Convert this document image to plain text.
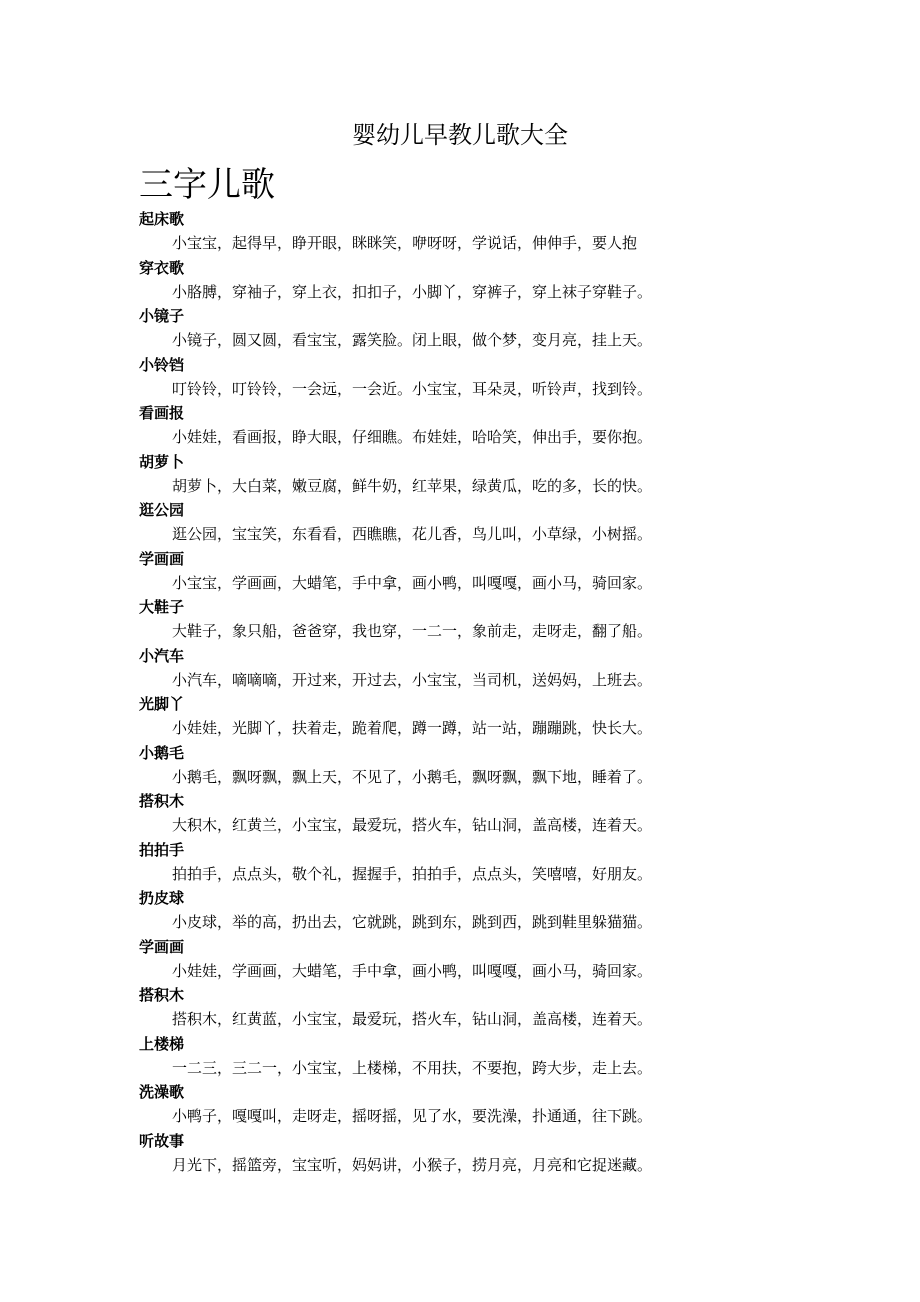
婴幼儿早教儿歌大全
三字儿歌
起床歌
小宝宝，起得早，睁开眼，眯眯笑，咿呀呀，学说话，伸伸手，要人抱
穿衣歌
小胳膊，穿袖子，穿上衣，扣扣子，小脚丫，穿裤子，穿上袜子穿鞋子。
小镜子
小镜子，圆又圆，看宝宝，露笑脸。闭上眼，做个梦，变月亮，挂上天。
小铃铛
叮铃铃，叮铃铃，一会远，一会近。小宝宝，耳朵灵，听铃声，找到铃。
看画报
小娃娃，看画报，睁大眼，仔细瞧。布娃娃，哈哈笑，伸出手，要你抱。
胡萝卜
胡萝卜，大白菜，嫩豆腐，鲜牛奶，红苹果，绿黄瓜，吃的多，长的快。
逛公园
逛公园，宝宝笑，东看看，西瞧瞧，花儿香，鸟儿叫，小草绿，小树摇。
学画画
小宝宝，学画画，大蜡笔，手中拿，画小鸭，叫嘎嘎，画小马，骑回家。
大鞋子
大鞋子，象只船，爸爸穿，我也穿，一二一，象前走，走呀走，翻了船。
小汽车
小汽车，嘀嘀嘀，开过来，开过去，小宝宝，当司机，送妈妈，上班去。
光脚丫
小娃娃，光脚丫，扶着走，跪着爬，蹲一蹲，站一站，蹦蹦跳，快长大。
小鹅毛
小鹅毛，飘呀飘，飘上天，不见了，小鹅毛，飘呀飘，飘下地，睡着了。
搭积木
大积木，红黄兰，小宝宝，最爱玩，搭火车，钻山洞，盖高楼，连着天。
拍拍手
拍拍手，点点头，敬个礼，握握手，拍拍手，点点头，笑嘻嘻，好朋友。
扔皮球
小皮球，举的高，扔出去，它就跳，跳到东，跳到西，跳到鞋里躲猫猫。
学画画
小娃娃，学画画，大蜡笔，手中拿，画小鸭，叫嘎嘎，画小马，骑回家。
搭积木
搭积木，红黄蓝，小宝宝，最爱玩，搭火车，钻山洞，盖高楼，连着天。
上楼梯
一二三，三二一，小宝宝，上楼梯，不用扶，不要抱，跨大步，走上去。
洗澡歌
小鸭子，嘎嘎叫，走呀走，摇呀摇，见了水，要洗澡，扑通通，往下跳。
听故事
月光下，摇篮旁，宝宝听，妈妈讲，小猴子，捞月亮，月亮和它捉迷藏。
